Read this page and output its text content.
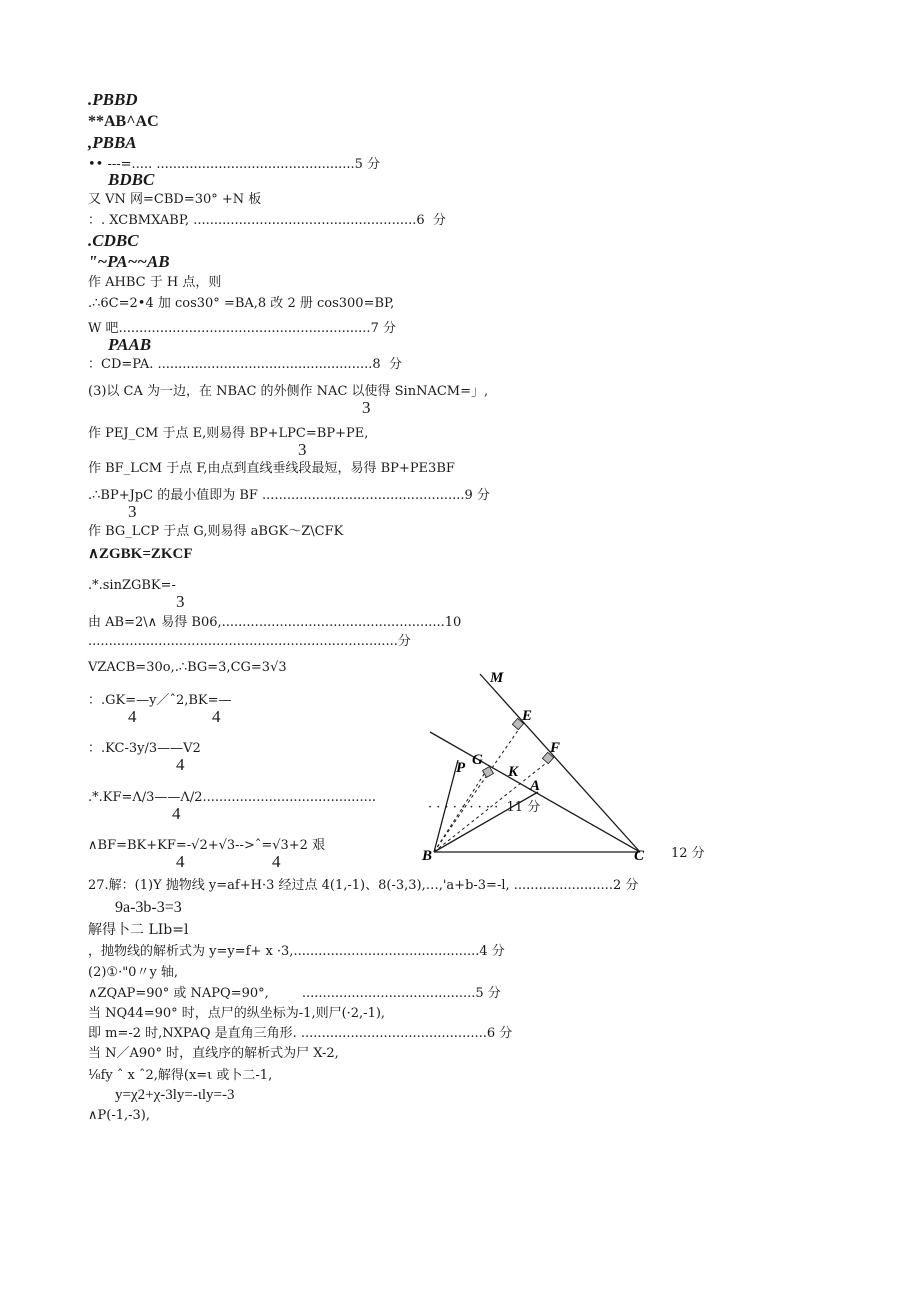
.PBBD
**AB^AC
,PBBA
•• ---=..... ................................................5 分
BDBC
又 VN 网=CBD=30° +N 板
：. XCBMXABP, ......................................................6  分
.CDBC
"~PA~~AB
作 AHBC 于 H 点，则
.∴6C=2•4 加 cos30° =BA,8 改 2 册 cos300=BP,
W 吧.............................................................7 分
PAAB
：CD=PA. ....................................................8  分
(3)以 CA 为一边，在 NBAC 的外侧作 NAC 以使得 SinNACM=」,
3
作 PEJ_CM 于点 E,则易得 BP+LPC=BP+PE,
3
作 BF_LCM 于点 F,由点到直线垂线段最短，易得 BP+PE3BF
.∴BP+JpC 的最小值即为 BF .................................................9 分
3
作 BG_LCP 于点 G,则易得 aBGK～Z\CFK
∧ZGBK=ZKCF
.*.sinZGBK=-
3
由 AB=2\∧ 易得 B06,......................................................10
...........................................................................分
VZACB=30o,.∴BG=3,CG=3√3
：.GK=—y／ˆ2,BK=—
4	4
：.KC-3y/3——V2
4
.*.KF=Λ/3——Λ/2..........................................
4	· · · · · · · · ·  11 分
∧BF=BK+KF=-√2+√3-->ˆ=√3+2 艰
4	4	12 分
27.解：(1)Y 抛物线 y=af+H·3 经过点 4(1,-1)、8(-3,3),…,'a+b-3=-l, ........................2 分
9a-3b-3=3
解得卜二 LIb=l
，抛物线的解析式为 y=y=f+ x ·3,.............................................4 分
(2)①·"0〃y 轴,
∧ZQAP=90° 或 NAPQ=90°,        ..........................................5 分
当 NQ44=90° 时，点尸的纵坐标为-1,则尸(·2,-1),
即 m=-2 时,NXPAQ 是直角三角形. .............................................6 分
当 N／A90° 时，直线序的解析式为尸 X-2,
⅛fy ˆ x ˆ2,解得(x=ι 或卜二-1,
y=χ2+χ-3ly=-ιly=-3
∧P(-1,-3),
M
E
F
G
P	K
A
B	C
